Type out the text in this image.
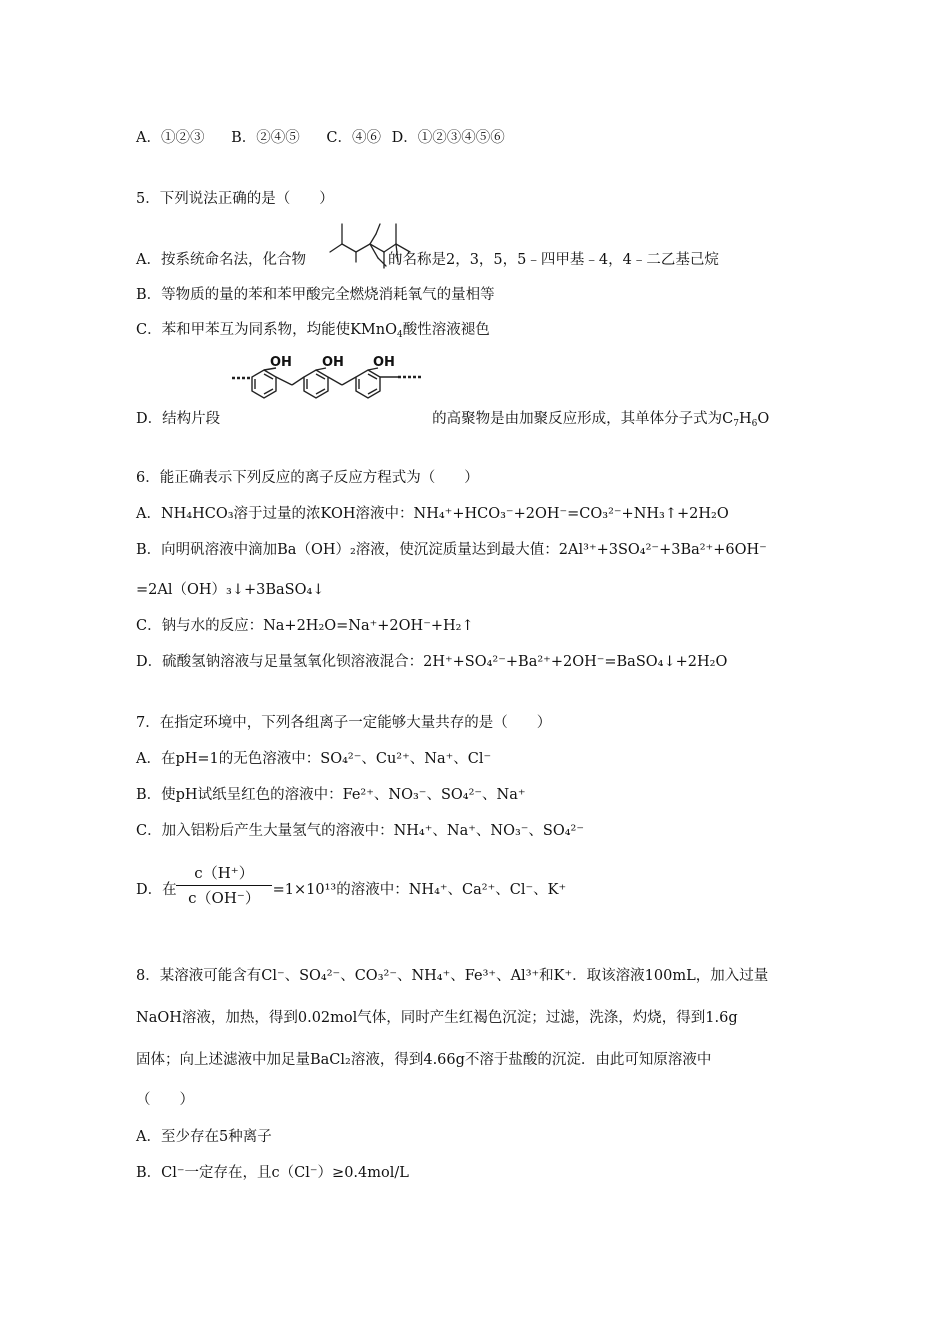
A．①②③ B．②④⑤ C．④⑥ D．①②③④⑤⑥
5．下列说法正确的是（　　）
A．按系统命名法，化合物	的名称是2，3，5，5﹣四甲基﹣4，4﹣二乙基己烷
B．等物质的量的苯和苯甲酸完全燃烧消耗氧气的量相等
C．苯和甲苯互为同系物，均能使KMnO$_4$酸性溶液褪色
D．结构片段	的高聚物是由加聚反应形成，其单体分子式为$C_7H_6O$
OH OH OH
6．能正确表示下列反应的离子反应方程式为（　　）
A．NH₄HCO₃溶于过量的浓KOH溶液中：NH₄⁺+HCO₃⁻+2OH⁻=CO₃²⁻+NH₃↑+2H₂O
B．向明矾溶液中滴加Ba（OH）₂溶液，使沉淀质量达到最大值：2Al³⁺+3SO₄²⁻+3Ba²⁺+6OH⁻
=2Al（OH）₃↓+3BaSO₄↓
C．钠与水的反应：Na+2H₂O=Na⁺+2OH⁻+H₂↑
D．硫酸氢钠溶液与足量氢氧化钡溶液混合：2H⁺+SO₄²⁻+Ba²⁺+2OH⁻=BaSO₄↓+2H₂O
7．在指定环境中，下列各组离子一定能够大量共存的是（　　）
A．在pH=1的无色溶液中：SO₄²⁻、Cu²⁺、Na⁺、Cl⁻
B．使pH试纸呈红色的溶液中：Fe²⁺、NO₃⁻、SO₄²⁻、Na⁺
C．加入铝粉后产生大量氢气的溶液中：NH₄⁺、Na⁺、NO₃⁻、SO₄²⁻
D．在	=1×10¹³的溶液中：NH₄⁺、Ca²⁺、Cl⁻、K⁺
c（H⁺）
c（OH⁻）
8．某溶液可能含有Cl⁻、SO₄²⁻、CO₃²⁻、NH₄⁺、Fe³⁺、Al³⁺和K⁺．取该溶液100mL，加入过量
NaOH溶液，加热，得到0.02mol气体，同时产生红褐色沉淀；过滤，洗涤，灼烧，得到1.6g
固体；向上述滤液中加足量BaCl₂溶液，得到4.66g不溶于盐酸的沉淀．由此可知原溶液中
（　　）
A．至少存在5种离子
B．Cl⁻一定存在，且c（Cl⁻）≥0.4mol/L
